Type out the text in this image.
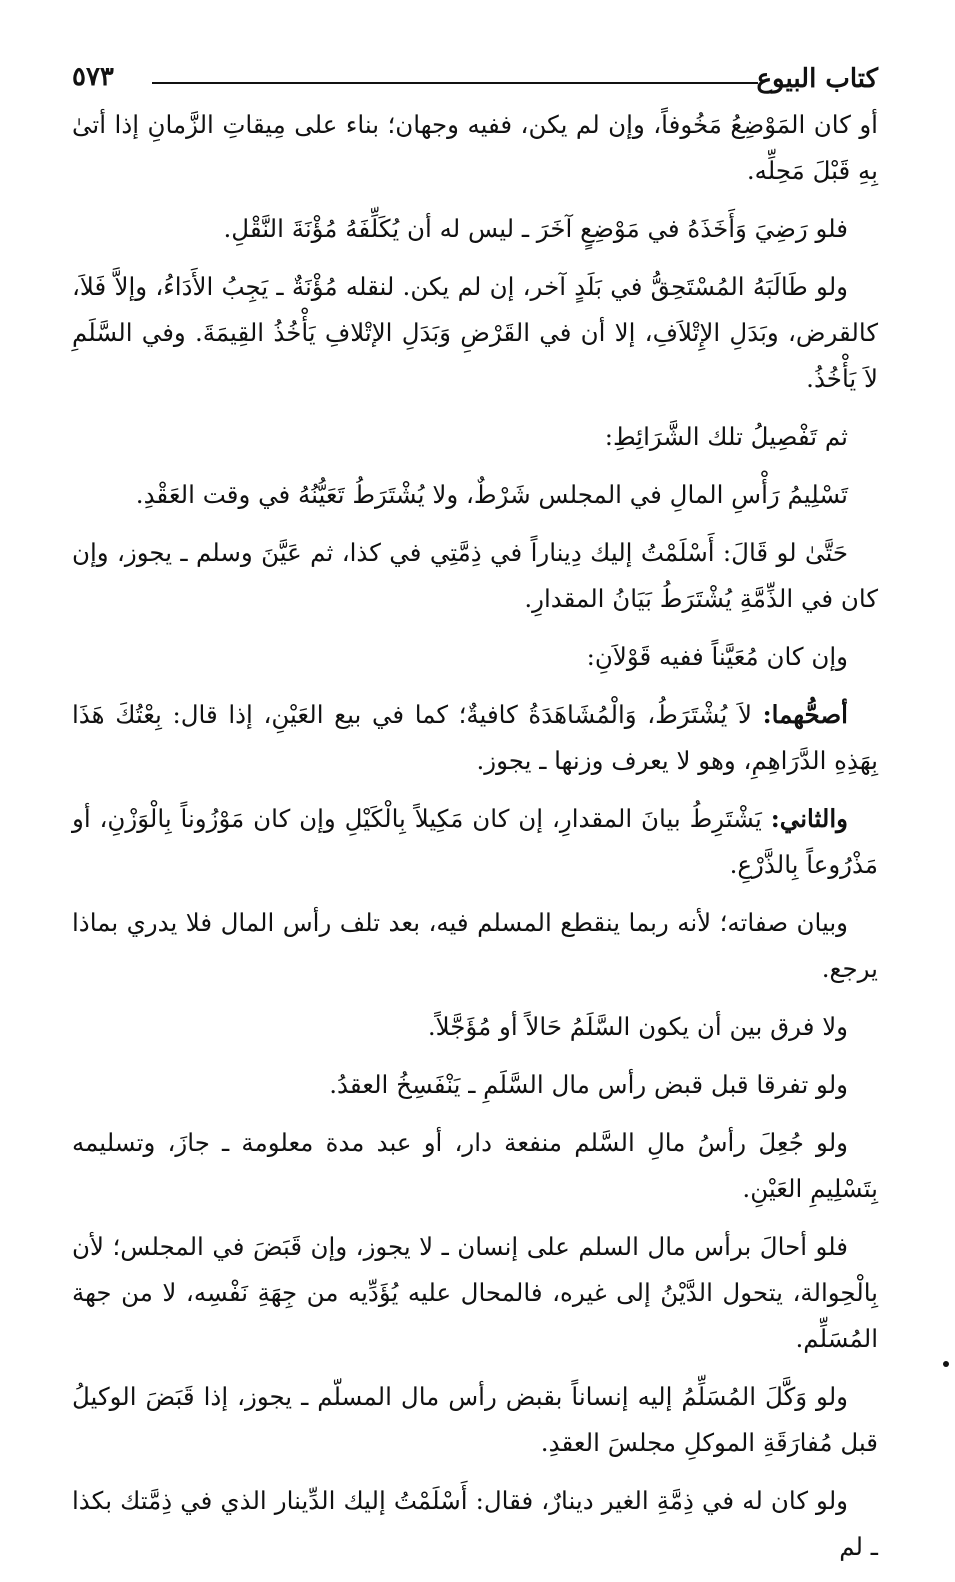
كتاب البيوع
٥٧٣

أو كان المَوْضِعُ مَخُوفاً، وإن لم يكن، ففيه وجهان؛ بناء على مِيقاتِ الزَّمانِ إذا أتىٰ بِهِ قَبْلَ مَحِلِّه.

فلو رَضِيَ وَأَخَذَهُ في مَوْضِعٍ آخَرَ ـ ليس له أن يُكَلِّفَهُ مُؤْنَةَ النَّقْلِ.

ولو طَالَبَهُ المُسْتَحِقُّ في بَلَدٍ آخر، إن لم يكن. لنقله مُؤْنَةٌ ـ يَجِبُ الأَدَاءُ، وإلاَّ فَلاَ، كالقرض، وبَدَلِ الإِتْلاَفِ، إلا أن في القَرْضِ وَبَدَلِ الإتْلافِ يَأْخُذُ القِيمَةَ. وفي السَّلَمِ لاَ يَأْخُذُ.

ثم تَفْصِيلُ تلك الشَّرَائِطِ:

تَسْلِيمُ رَأْسِ المالِ في المجلس شَرْطٌ، ولا يُشْتَرَطُ تَعَيُّنُهُ في وقت العَقْدِ.

حَتَّىٰ لو قَالَ: أَسْلَمْتُ إليك دِيناراً في ذِمَّتِي في كذا، ثم عَيَّنَ وسلم ـ يجوز، وإن كان في الذِّمَّةِ يُشْتَرَطُ بَيَانُ المقدارِ.

وإن كان مُعَيَّناً ففيه قَوْلاَنِ:

أصحُّهما: لاَ يُشْتَرَطُ، وَالْمُشَاهَدَةُ كافيةٌ؛ كما في بيع العَيْنِ، إذا قال: بِعْتُكَ هَذَا بِهَذِهِ الدَّرَاهِمِ، وهو لا يعرف وزنها ـ يجوز.

والثاني: يَشْتَرِطُ بيانَ المقدارِ، إن كان مَكِيلاً بِالْكَيْلِ وإن كان مَوْزُوناً بِالْوَزْنِ، أو مَذْرُوعاً بِالذَّرْعِ.

وبيان صفاته؛ لأنه ربما ينقطع المسلم فيه، بعد تلف رأس المال فلا يدري بماذا يرجع.

ولا فرق بين أن يكون السَّلَمُ حَالاً أو مُؤَجَّلاً.

ولو تفرقا قبل قبض رأس مال السَّلَمِ ـ يَنْفَسِخُ العقدُ.

ولو جُعِلَ رأسُ مالِ السَّلم منفعة دار، أو عبد مدة معلومة ـ جازَ، وتسليمه بِتَسْلِيمِ العَيْنِ.

فلو أحالَ برأس مال السلم على إنسان ـ لا يجوز، وإن قَبَضَ في المجلس؛ لأن بِالْحِوالة، يتحول الدَّيْنُ إلى غيره، فالمحال عليه يُؤَدِّيه من جِهَةِ نَفْسِه، لا من جهة المُسَلِّم.

ولو وَكَّلَ المُسَلِّمُ إليه إنساناً بقبض رأس مال المسلّم ـ يجوز، إذا قَبَضَ الوكيلُ قبل مُفارَقَةِ الموكلِ مجلسَ العقدِ.

ولو كان له في ذِمَّةِ الغير دينارٌ، فقال: أَسْلَمْتُ إليك الدِّينار الذي في ذِمَّتك بكذا ـ لم
